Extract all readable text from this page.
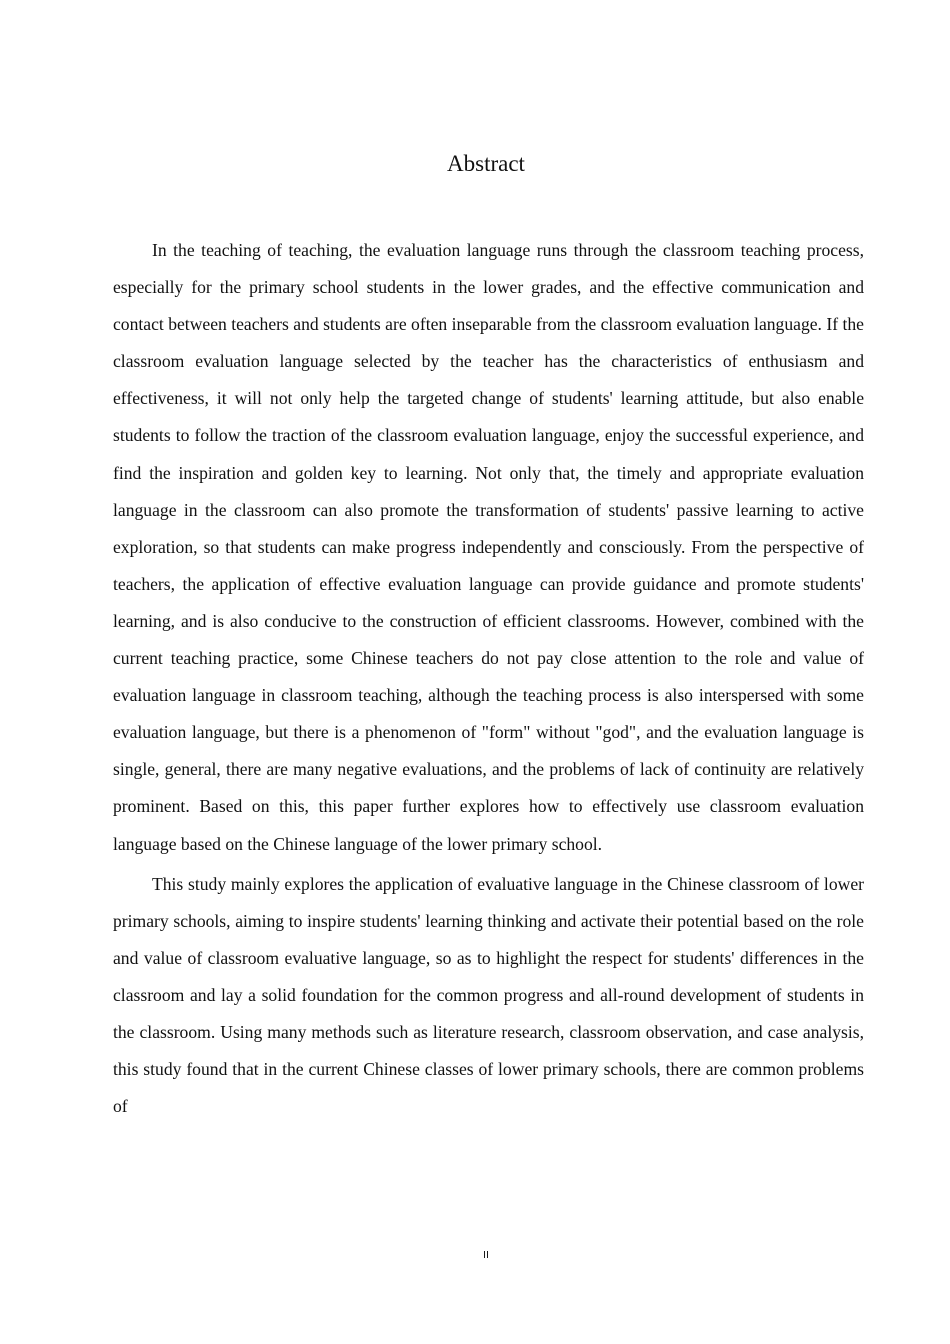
Abstract

In the teaching of teaching, the evaluation language runs through the classroom teaching process, especially for the primary school students in the lower grades, and the effective communication and contact between teachers and students are often inseparable from the classroom evaluation language. If the classroom evaluation language selected by the teacher has the characteristics of enthusiasm and effectiveness, it will not only help the targeted change of students' learning attitude, but also enable students to follow the traction of the classroom evaluation language, enjoy the successful experience, and find the inspiration and golden key to learning. Not only that, the timely and appropriate evaluation language in the classroom can also promote the transformation of students' passive learning to active exploration, so that students can make progress independently and consciously. From the perspective of teachers, the application of effective evaluation language can provide guidance and promote students' learning, and is also conducive to the construction of efficient classrooms. However, combined with the current teaching practice, some Chinese teachers do not pay close attention to the role and value of evaluation language in classroom teaching, although the teaching process is also interspersed with some evaluation language, but there is a phenomenon of "form" without "god", and the evaluation language is single, general, there are many negative evaluations, and the problems of lack of continuity are relatively prominent. Based on this, this paper further explores how to effectively use classroom evaluation language based on the Chinese language of the lower primary school.

This study mainly explores the application of evaluative language in the Chinese classroom of lower primary schools, aiming to inspire students' learning thinking and activate their potential based on the role and value of classroom evaluative language, so as to highlight the respect for students' differences in the classroom and lay a solid foundation for the common progress and all-round development of students in the classroom. Using many methods such as literature research, classroom observation, and case analysis, this study found that in the current Chinese classes of lower primary schools, there are common problems of

II
